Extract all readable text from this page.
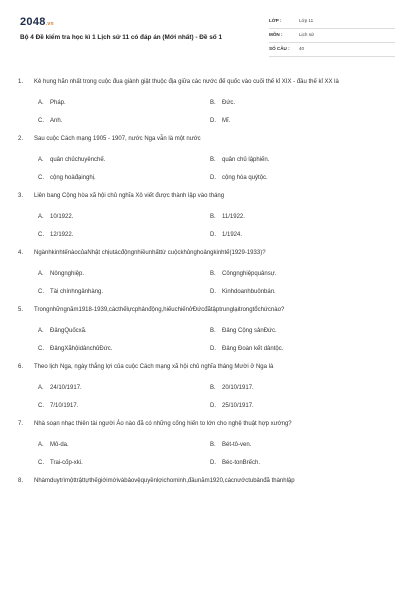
2048.vn
Bộ 4 Đề kiểm tra học kì 1 Lịch sử 11 có đáp án (Mới nhất) - Đề số 1
LỚP :	Lớp 11
MÔN :	Lịch sử
SỐ CÂU : 40
1. Kẻ hung hãn nhất trong cuộc đua giành giật thuộc địa giữa các nước đế quốc vào cuối thế kỉ XIX - đầu thế kỉ XX là
A. Pháp.	B. Đức.
C. Anh.	D. Mĩ.
2. Sau cuộc Cách mạng 1905 - 1907, nước Nga vẫn là một nước
A. quân chủchuyênchế.	B. quân chủ lậphiến.
C. cộng hoàđạinghị.	D. cộng hòa quýtộc.
3. Liên bang Cộng hòa xã hội chủ nghĩa Xô viết được thành lập vào tháng
A. 10/1922.	B. 11/1922.
C. 12/1922.	D. 1/1924.
4. NgànhkinhtếnàocủaNhật chịutácđộngnhiềunhấttừ cuộckhủnghoảngkinhtế(1929-1933)?
A. Nôngnghiệp.	B. Côngnghiệpquânsự.
C. Tài chínhngânhàng.	D. Kinhdoanhbuônbán.
5. Trongnhữngnăm1918-1939,cácthếlựcphảnđộng,hiếuchiếnởĐứcđãtậptrunglạitrongtổchứcnào?
A. ĐảngQuốcxã.	B. Đảng Cộng sảnĐức.
C. ĐảngXãhộidânchủĐức.	D. Đảng Đoàn kết dântộc.
6. Theo lịch Nga, ngày thắng lợi của cuộc Cách mạng xã hội chủ nghĩa tháng Mười ở Nga là
A. 24/10/1917.	B. 20/10/1917.
C. 7/10/1917.	D. 25/10/1917.
7. Nhà soạn nhạc thiên tài người Áo nào đã có những cống hiến to lớn cho nghệ thuật hợp xướng?
A. Mô-da.	B. Bét-tô-ven.
C. Trai-cốp-xki.	D. Béc-tonBrếch.
8. Nhàmduytrìmộttrậttựthếgiớimớivàbảovệquyềnlợichominh,đầunăm1920,cácnướctubảnđã thànhlập
